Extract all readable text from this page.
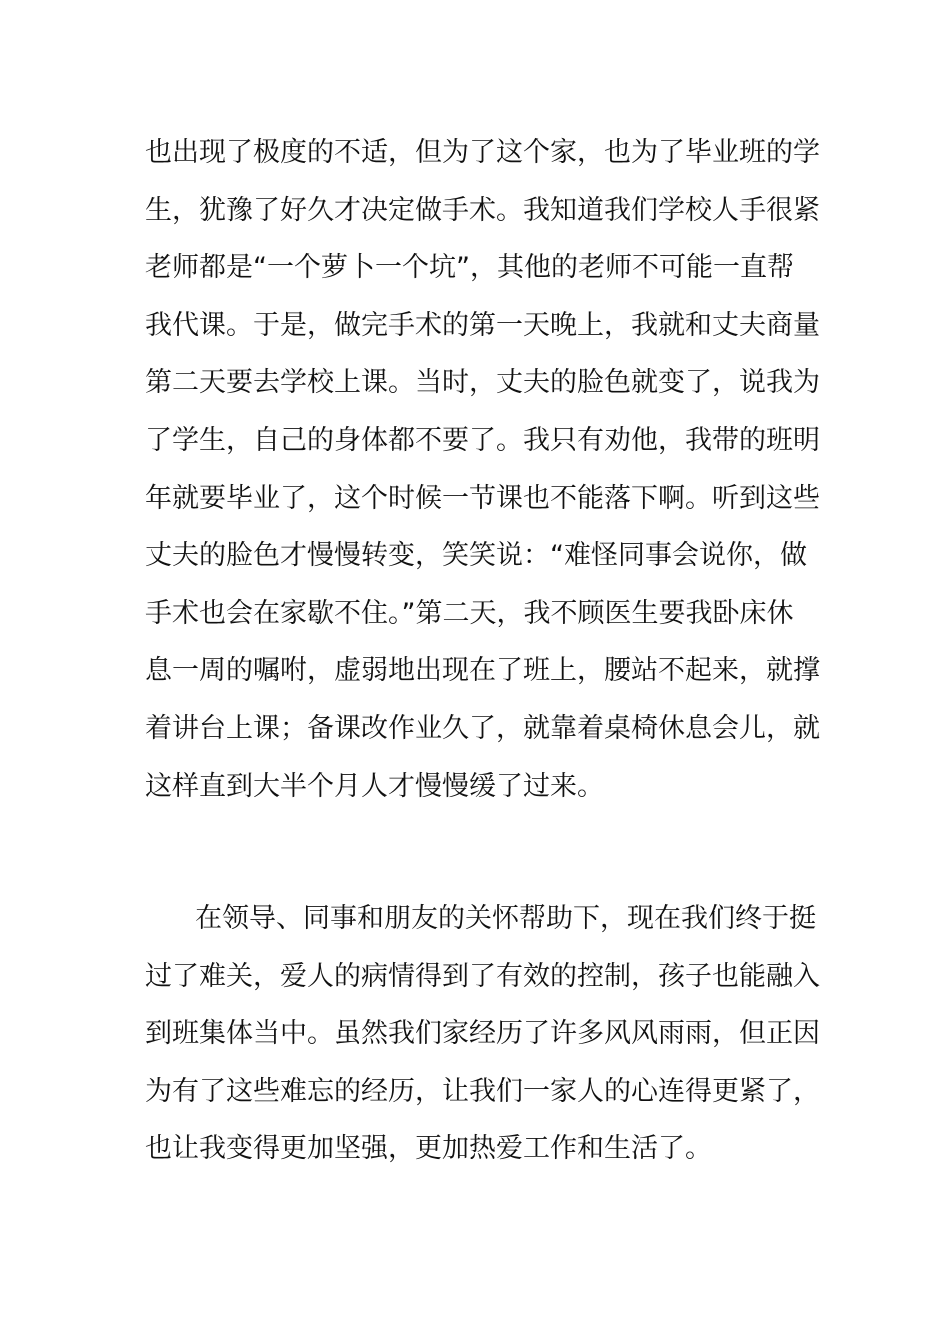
也出现了极度的不适，但为了这个家，也为了毕业班的学
生，犹豫了好久才决定做手术。我知道我们学校人手很紧
老师都是“一个萝卜一个坑”，其他的老师不可能一直帮
我代课。于是，做完手术的第一天晚上，我就和丈夫商量
第二天要去学校上课。当时，丈夫的脸色就变了，说我为
了学生，自己的身体都不要了。我只有劝他，我带的班明
年就要毕业了，这个时候一节课也不能落下啊。听到这些
丈夫的脸色才慢慢转变，笑笑说：“难怪同事会说你，做
手术也会在家歇不住。”第二天，我不顾医生要我卧床休
息一周的嘱咐，虚弱地出现在了班上，腰站不起来，就撑
着讲台上课；备课改作业久了，就靠着桌椅休息会儿，就
这样直到大半个月人才慢慢缓了过来。
在领导、同事和朋友的关怀帮助下，现在我们终于挺
过了难关，爱人的病情得到了有效的控制，孩子也能融入
到班集体当中。虽然我们家经历了许多风风雨雨，但正因
为有了这些难忘的经历，让我们一家人的心连得更紧了，
也让我变得更加坚强，更加热爱工作和生活了。
